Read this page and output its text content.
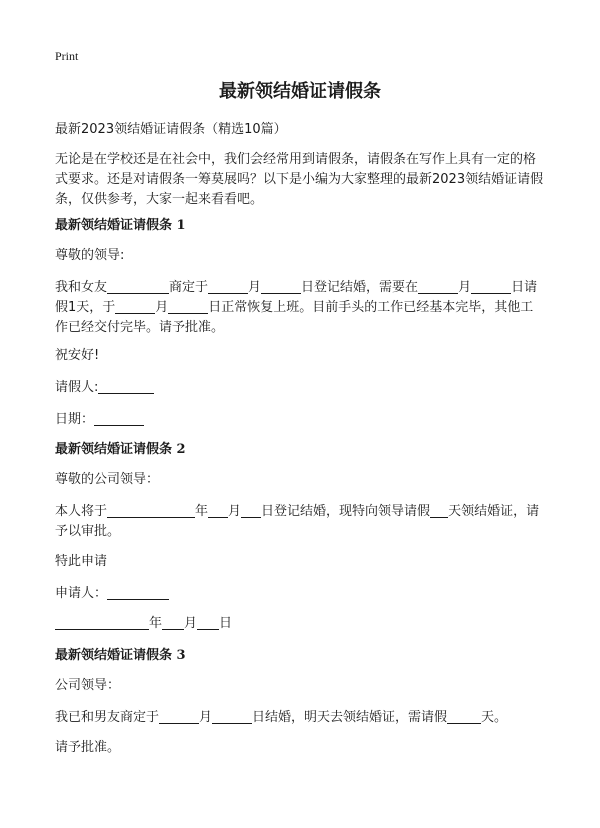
Print
最新领结婚证请假条

最新2023领结婚证请假条（精选10篇）

无论是在学校还是在社会中，我们会经常用到请假条，请假条在写作上具有一定的格式要求。还是对请假条一筹莫展吗？以下是小编为大家整理的最新2023领结婚证请假条，仅供参考，大家一起来看看吧。

最新领结婚证请假条 1

尊敬的领导:

我和女友	商定于	月	日登记结婚，需要在	月	日请假1天，于	月	日正常恢复上班。目前手头的工作已经基本完毕，其他工作已经交付完毕。请予批准。

祝安好!

请假人:

日期：

最新领结婚证请假条 2

尊敬的公司领导：

本人将于	年 月 日登记结婚，现特向领导请假 天领结婚证，请予以审批。

特此申请

申请人：

年 月 日

最新领结婚证请假条 3

公司领导：

我已和男友商定于	月	日结婚，明天去领结婚证，需请假	天。

请予批准。
